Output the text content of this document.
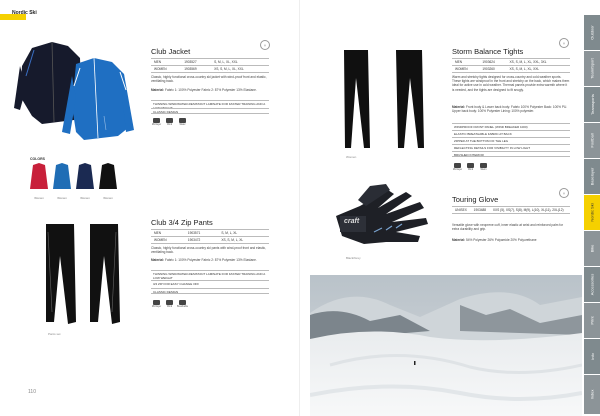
Nordic Ski
◎
Club Jacket
MEN	1903527	S, M, L, XL, XXL
WOMEN	1903569	XS, S, M, L, XL, XXL
Classic, highly functional cross-country ski jacket with wind-proof front and elastic, ventilating back.
Material: Fabric 1: 100% Polyester Fabric 2: 87% Polyester 13% Elastane.
THINNING WIND/WATER-RESISTANT LAMINATE FOR FASTER TRAINING AND A LOW WEIGHT
CLASSIC DESIGN
Mid layer Wind	Water
COLORS
Women	Women	Women	Women
Pants set
Club 3/4 Zip Pants
MEN	1903571	S, M, L, XL
WOMEN	1903472	XS, S, M, L, XL
Classic, highly functional cross-country ski pants with wind-proof front and elastic, ventilating back.
Material: Fabric 1: 100% Polyester Fabric 2: 87% Polyester 13% Elastane.
THINNING WIND/WATER-RESISTANT LAMINATE FOR FASTER TRAINING AND A LOW WEIGHT
3/4 ZIP FOR EASY CHANGE OFF
CLASSIC DESIGN
Mid layer Wind Breathable
110
Women
◎
Storm Balance Tights
MEN	1903624	XS, S, M, L, XL, XXL, 3XL
WOMEN	1903260	XS, S, M, L, XL, XXL
Warm and stretchy tights designed for cross-country and cold-weather sports. These tights are windproof in the front and stretchy on the back, which makes them ideal for active use in cold weather. Thermal panels provide extra warmth where it is needed, and the tights are designed to fit snugly.
Material: Front body & Lower back body: Fabric 100% Polyester Back: 100% PU. Upper back body: 100% Polyester Lining: 100% polyester.
WINDPROOF FRONT PANEL (WIND BREAKER 1000)
ELASTIC BREATHABLE FABRIC AT BACK
ZIPPER AT THE BOTTOM OF THE LEG
REFLECTING DETAILS FOR VISIBILITY IN LOW LIGHT
BRUSHED INTERIOR
Mid layer Wind	Warm
craft
Black/Grey
◎
Touring Glove
UNISEX	1903488	XXS (5), XS(7), S(8), M(9), L(10), XL(11), 2XL(12)
Versatile glove with neoprene cuff, inner elastic at wrist and reinforced palm for extra durability and grip.
Material: 54% Polyester 26% Polyamide 20% Polyurethane
Outdoor
Team/Sport
Teamsports
Football
Baselayer
Nordic Ski
Bike
Accessories
Print
Info
Index
